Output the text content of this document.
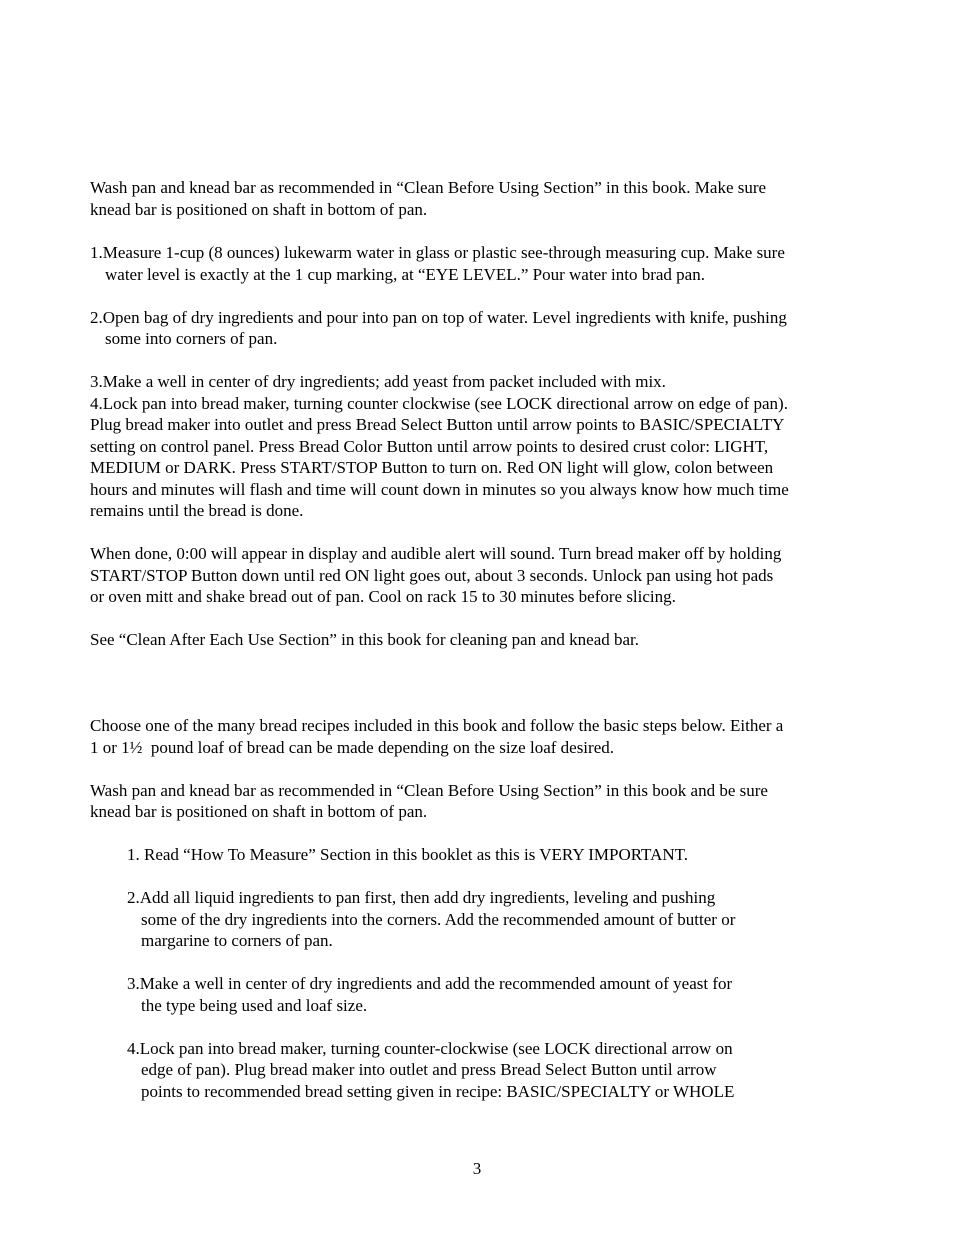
Wash pan and knead bar as recommended in “Clean Before Using Section” in this book. Make sure

knead bar is positioned on shaft in bottom of pan.

1.Measure 1-cup (8 ounces) lukewarm water in glass or plastic see-through measuring cup. Make sure

water level is exactly at the 1 cup marking, at “EYE LEVEL.” Pour water into brad pan.

2.Open bag of dry ingredients and pour into pan on top of water. Level ingredients with knife, pushing

some into corners of pan.

3.Make a well in center of dry ingredients; add yeast from packet included with mix.

4.Lock pan into bread maker, turning counter clockwise (see LOCK directional arrow on edge of pan).

Plug bread maker into outlet and press Bread Select Button until arrow points to BASIC/SPECIALTY

setting on control panel. Press Bread Color Button until arrow points to desired crust color: LIGHT,

MEDIUM or DARK. Press START/STOP Button to turn on. Red ON light will glow, colon between

hours and minutes will flash and time will count down in minutes so you always know how much time

remains until the bread is done.

When done, 0:00 will appear in display and audible alert will sound. Turn bread maker off by holding

START/STOP Button down until red ON light goes out, about 3 seconds. Unlock pan using hot pads

or oven mitt and shake bread out of pan. Cool on rack 15 to 30 minutes before slicing.

See “Clean After Each Use Section” in this book for cleaning pan and knead bar.

Choose one of the many bread recipes included in this book and follow the basic steps below. Either a

1 or 1½  pound loaf of bread can be made depending on the size loaf desired.

Wash pan and knead bar as recommended in “Clean Before Using Section” in this book and be sure

knead bar is positioned on shaft in bottom of pan.

1. Read “How To Measure” Section in this booklet as this is VERY IMPORTANT.

2.Add all liquid ingredients to pan first, then add dry ingredients, leveling and pushing

some of the dry ingredients into the corners. Add the recommended amount of butter or

margarine to corners of pan.

3.Make a well in center of dry ingredients and add the recommended amount of yeast for

the type being used and loaf size.

4.Lock pan into bread maker, turning counter-clockwise (see LOCK directional arrow on

edge of pan). Plug bread maker into outlet and press Bread Select Button until arrow

points to recommended bread setting given in recipe: BASIC/SPECIALTY or WHOLE

3
